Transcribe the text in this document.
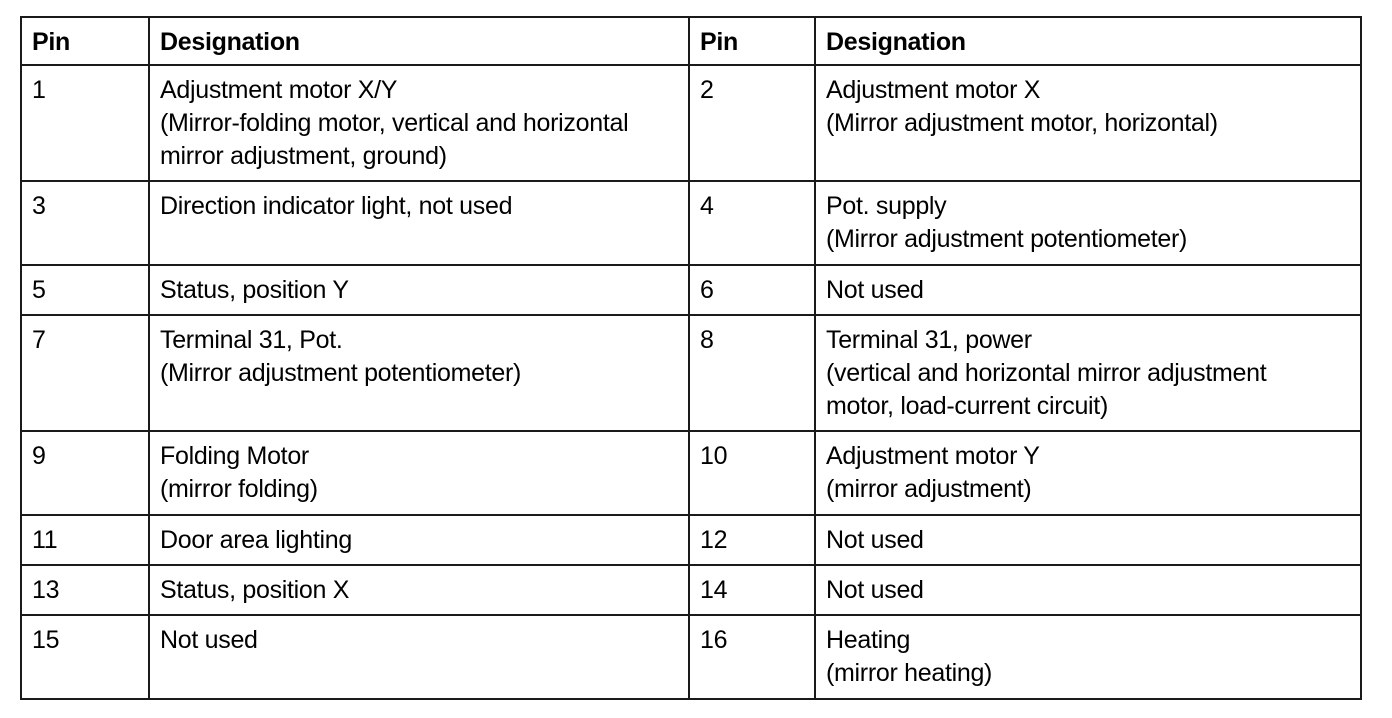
Pin	Designation	Pin	Designation
1	Adjustment motor X/Y
(Mirror-folding motor, vertical and horizontal
mirror adjustment, ground)	2	Adjustment motor X
(Mirror adjustment motor, horizontal)

3	Direction indicator light, not used	4	Pot. supply
(Mirror adjustment potentiometer)

5	Status, position Y	6	Not used

7	Terminal 31, Pot.
(Mirror adjustment potentiometer)	8	Terminal 31, power
(vertical and horizontal mirror adjustment
motor, load-current circuit)

9	Folding Motor
(mirror folding)	10	Adjustment motor Y
(mirror adjustment)

11	Door area lighting	12	Not used

13	Status, position X	14	Not used

15	Not used	16	Heating
(mirror heating)
